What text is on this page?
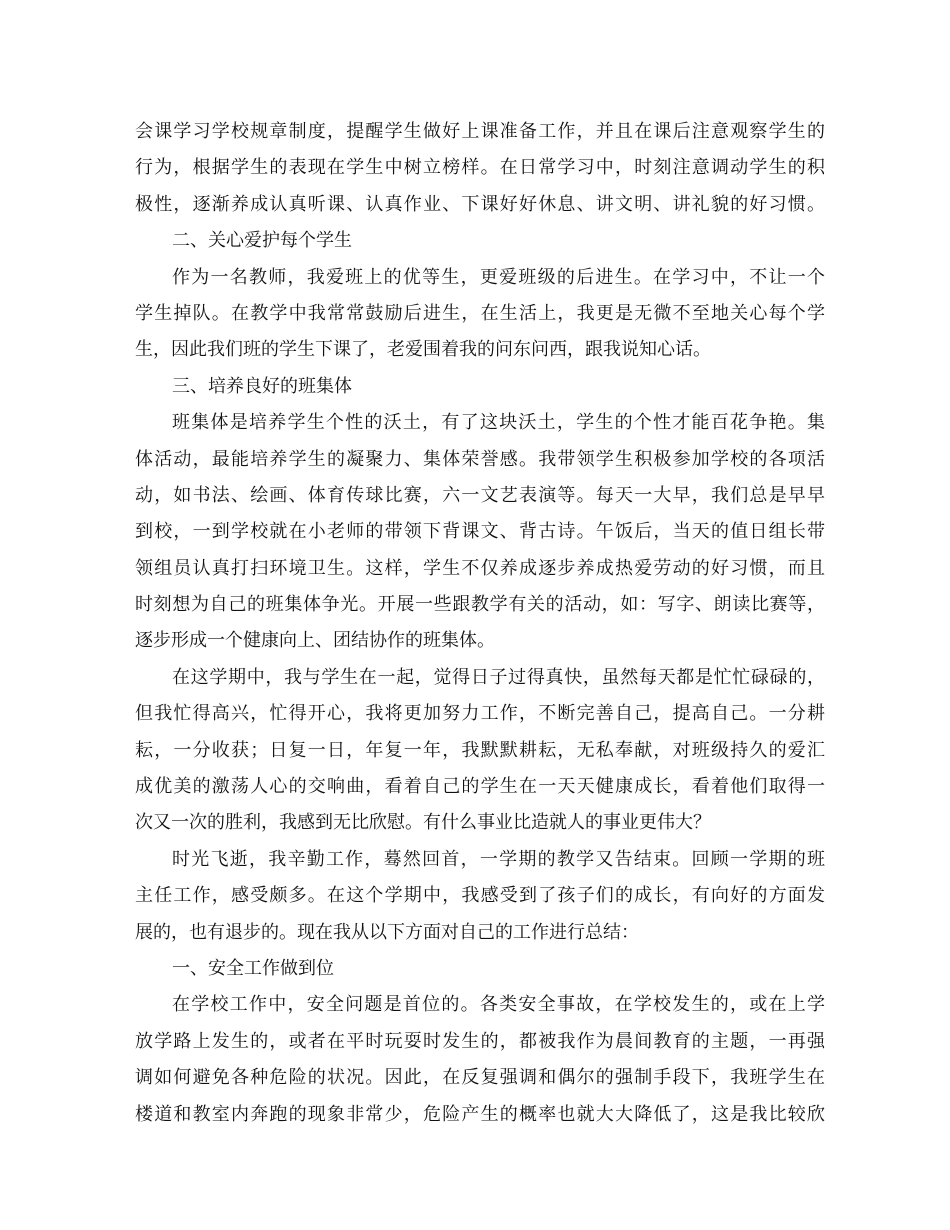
会课学习学校规章制度，提醒学生做好上课准备工作，并且在课后注意观察学生的
行为，根据学生的表现在学生中树立榜样。在日常学习中，时刻注意调动学生的积
极性，逐渐养成认真听课、认真作业、下课好好休息、讲文明、讲礼貌的好习惯。
二、关心爱护每个学生
作为一名教师，我爱班上的优等生，更爱班级的后进生。在学习中，不让一个
学生掉队。在教学中我常常鼓励后进生，在生活上，我更是无微不至地关心每个学
生，因此我们班的学生下课了，老爱围着我的问东问西，跟我说知心话。
三、培养良好的班集体
班集体是培养学生个性的沃土，有了这块沃土，学生的个性才能百花争艳。集
体活动，最能培养学生的凝聚力、集体荣誉感。我带领学生积极参加学校的各项活
动，如书法、绘画、体育传球比赛，六一文艺表演等。每天一大早，我们总是早早
到校，一到学校就在小老师的带领下背课文、背古诗。午饭后，当天的值日组长带
领组员认真打扫环境卫生。这样，学生不仅养成逐步养成热爱劳动的好习惯，而且
时刻想为自己的班集体争光。开展一些跟教学有关的活动，如：写字、朗读比赛等，
逐步形成一个健康向上、团结协作的班集体。
在这学期中，我与学生在一起，觉得日子过得真快，虽然每天都是忙忙碌碌的，
但我忙得高兴，忙得开心，我将更加努力工作，不断完善自己，提高自己。一分耕
耘，一分收获；日复一日，年复一年，我默默耕耘，无私奉献，对班级持久的爱汇
成优美的激荡人心的交响曲，看着自己的学生在一天天健康成长，看着他们取得一
次又一次的胜利，我感到无比欣慰。有什么事业比造就人的事业更伟大？
时光飞逝，我辛勤工作，蓦然回首，一学期的教学又告结束。回顾一学期的班
主任工作，感受颇多。在这个学期中，我感受到了孩子们的成长，有向好的方面发
展的，也有退步的。现在我从以下方面对自己的工作进行总结：
一、安全工作做到位
在学校工作中，安全问题是首位的。各类安全事故，在学校发生的，或在上学
放学路上发生的，或者在平时玩耍时发生的，都被我作为晨间教育的主题，一再强
调如何避免各种危险的状况。因此，在反复强调和偶尔的强制手段下，我班学生在
楼道和教室内奔跑的现象非常少，危险产生的概率也就大大降低了，这是我比较欣
